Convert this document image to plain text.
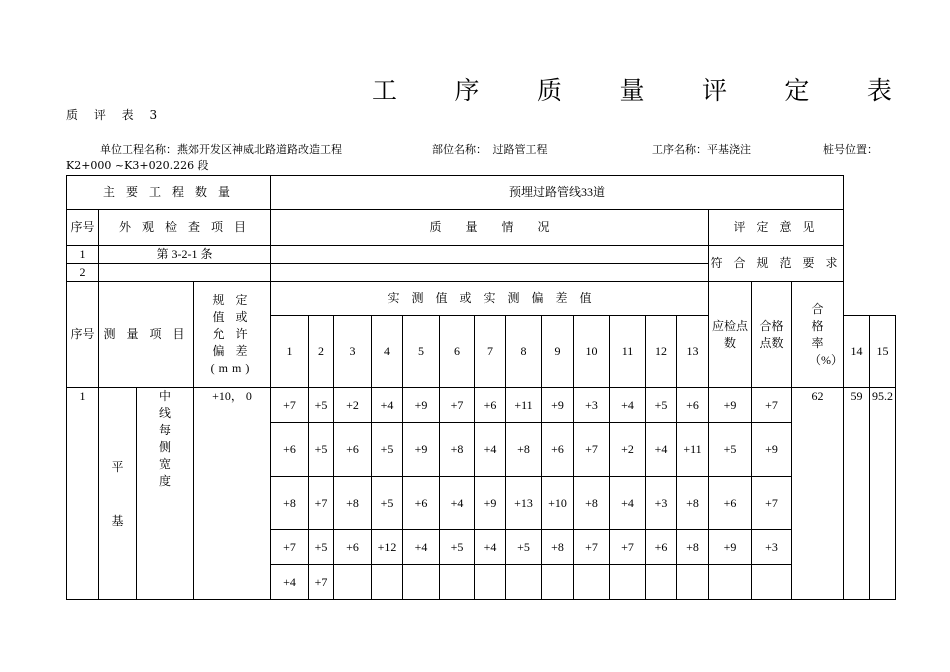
工 序 质 量 评 定 表
质 评 表 3
单位工程名称：燕郊开发区神威北路道路改造工程	部位名称：　过路管工程	工序名称：平基浇注	桩号位置：
K2+000 ~K3+020.226 段
主 要 工 程 数 量				预埋过路管线33道																	
序号	外 观 检 查 项 目			质　　量　　情　　况													评 定 意 见				
1	第 3-2-1 条																符 合 规 范 要 求				
2																					
序号	测 量 项 目		规 定 值 或 允 许 偏 差 (mm)	实　测　值　或　实　测　偏　差　值													应检点数	合格点数	合格率（%）		
				1	2	3	4	5	6	7	8	9	10	11	12	13				14	15
1	平　基	中线每侧宽度	+10， 0	+7	+5	+2	+4	+9	+7	+6	+11	+9	+3	+4	+5	+6	+9	+7	62	59	95.2
				+6	+5	+6	+5	+9	+8	+4	+8	+6	+7	+2	+4	+11	+5	+9			
				+8	+7	+8	+5	+6	+4	+9	+13	+10	+8	+4	+3	+8	+6	+7			
				+7	+5	+6	+12	+4	+5	+4	+5	+8	+7	+7	+6	+8	+9	+3			
				+4	+7																
